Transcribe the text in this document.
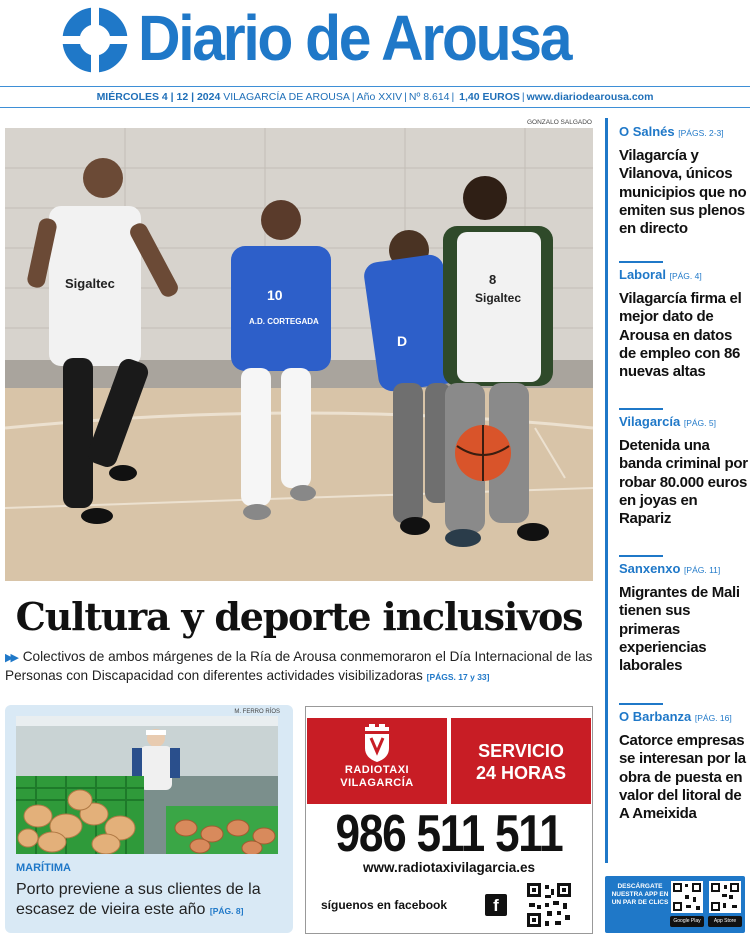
Diario de Arousa
MIÉRCOLES 4 | 12 | 2024 VILAGARCÍA DE AROUSA | Año XXIV | Nº 8.614 | 1,40 EUROS | www.diariodearousa.com
GONZALO SALGADO
Sigaltec
10
A.D. CORTEGADA
D
8
Sigaltec
Cultura y deporte inclusivos
▶▶ Colectivos de ambos márgenes de la Ría de Arousa conmemoraron el Día Internacional de las Personas con Discapacidad con diferentes actividades visibilizadoras [PÁGS. 17 y 33]
O Salnés [PÁGS. 2-3]
Vilagarcía y Vilanova, únicos municipios que no emiten sus plenos en directo
Laboral [PÁG. 4]
Vilagarcía firma el mejor dato de Arousa en datos de empleo con 86 nuevas altas
Vilagarcía [PÁG. 5]
Detenida una banda criminal por robar 80.000 euros en joyas en Rapariz
Sanxenxo [PÁG. 11]
Migrantes de Mali tienen sus primeras experiencias laborales
O Barbanza [PÁG. 16]
Catorce empresas se interesan por la obra de puesta en valor del litoral de A Ameixida
M. FERRO RÍOS
MARÍTIMA
Porto previene a sus clientes de la escasez de vieira este año [PÁG. 8]
RADIOTAXI
VILAGARCÍA
SERVICIO
24 HORAS
986 511 511
www.radiotaxivilagarcia.es
síguenos en facebook	f
DESCÁRGATE NUESTRA APP EN UN PAR DE CLICS
Google Play	App Store
